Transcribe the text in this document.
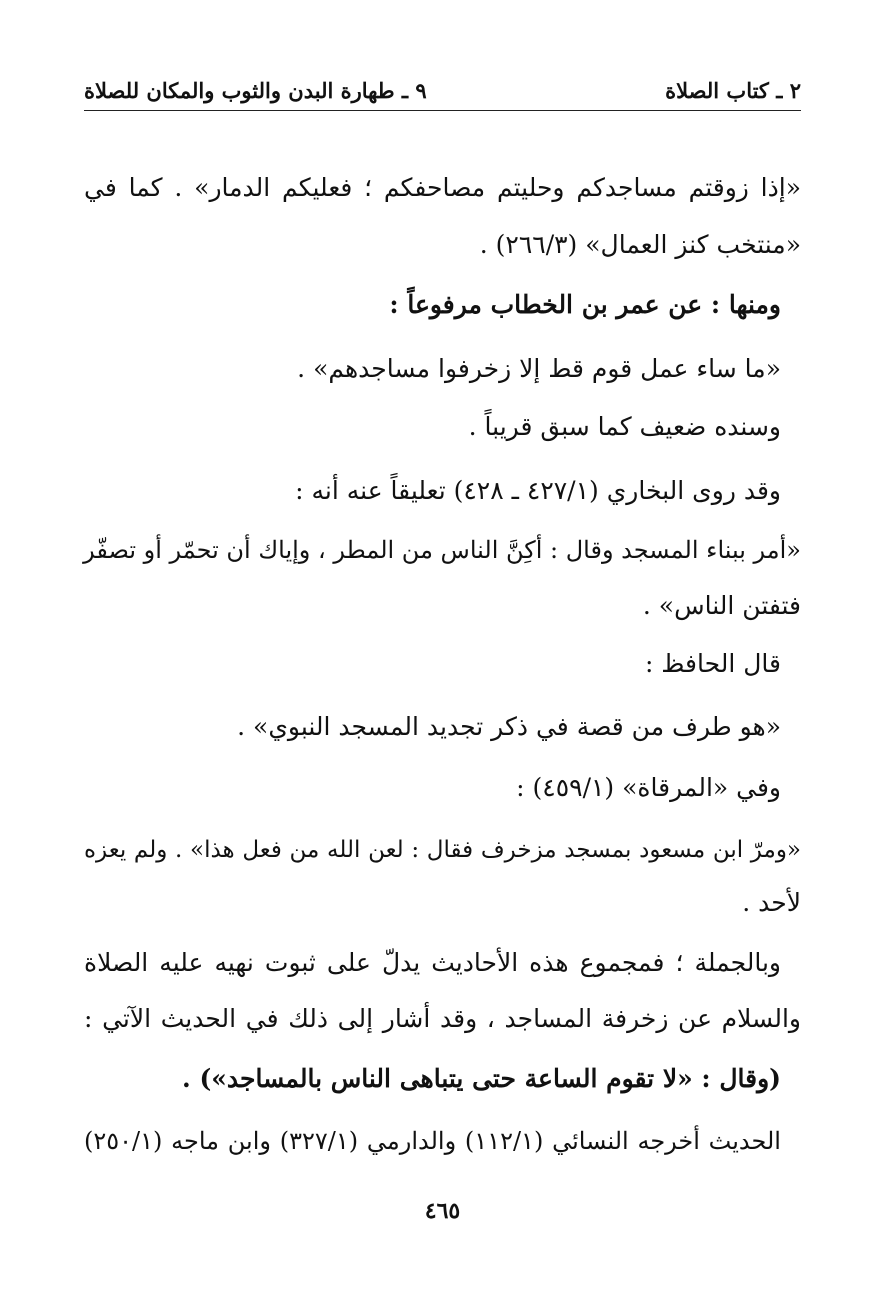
٢ ـ كتاب الصلاة
٩ ـ طهارة البدن والثوب والمكان للصلاة
«إذا زوقتم مساجدكم وحليتم مصاحفكم ؛ فعليكم الدمار» . كما في
«منتخب كنز العمال» (٢٦٦/٣) .
ومنها : عن عمر بن الخطاب مرفوعاً :
«ما ساء عمل قوم قط إلا زخرفوا مساجدهم» .
وسنده ضعيف كما سبق قريباً .
وقد روى البخاري (٤٢٧/١ ـ ٤٢٨) تعليقاً عنه أنه :
«أمر ببناء المسجد وقال : أكِنَّ الناس من المطر ، وإياك أن تحمّر أو تصفّر
فتفتن الناس» .
قال الحافظ :
«هو طرف من قصة في ذكر تجديد المسجد النبوي» .
وفي «المرقاة» (٤٥٩/١) :
«ومرّ ابن مسعود بمسجد مزخرف فقال : لعن الله من فعل هذا» . ولم يعزه
لأحد .
وبالجملة ؛ فمجموع هذه الأحاديث يدلّ على ثبوت نهيه عليه الصلاة
والسلام عن زخرفة المساجد ، وقد أشار إلى ذلك في الحديث الآتي :
(وقال : «لا تقوم الساعة حتى يتباهى الناس بالمساجد») .
الحديث أخرجه النسائي (١١٢/١) والدارمي (٣٢٧/١) وابن ماجه (٢٥٠/١)
٤٦٥
